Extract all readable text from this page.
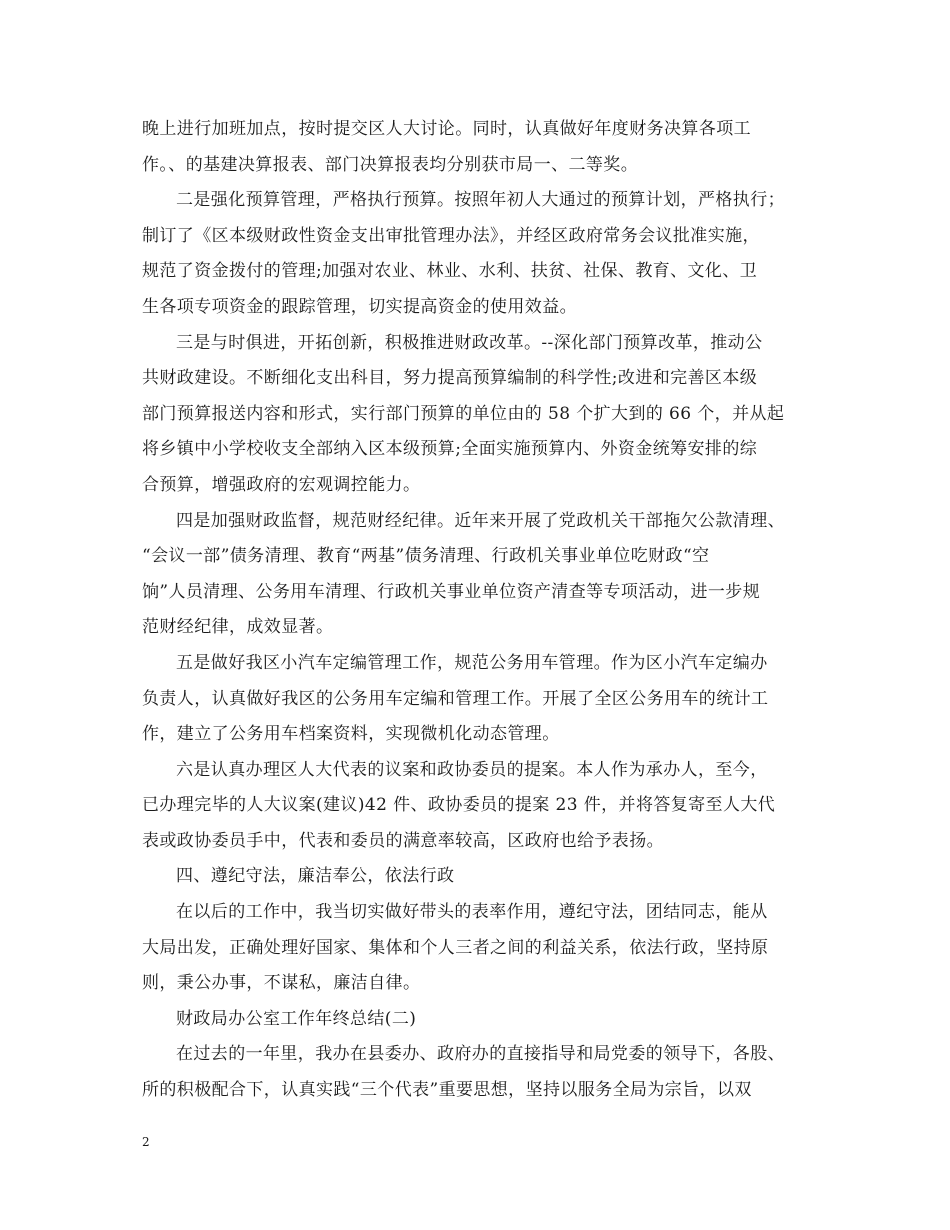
晚上进行加班加点，按时提交区人大讨论。同时，认真做好年度财务决算各项工
作。、的基建决算报表、部门决算报表均分别获市局一、二等奖。
二是强化预算管理，严格执行预算。按照年初人大通过的预算计划，严格执行；
制订了《区本级财政性资金支出审批管理办法》，并经区政府常务会议批准实施，
规范了资金拨付的管理;加强对农业、林业、水利、扶贫、社保、教育、文化、卫
生各项专项资金的跟踪管理，切实提高资金的使用效益。
三是与时俱进，开拓创新，积极推进财政改革。--深化部门预算改革，推动公
共财政建设。不断细化支出科目，努力提高预算编制的科学性;改进和完善区本级
部门预算报送内容和形式，实行部门预算的单位由的 58 个扩大到的 66 个，并从起
将乡镇中小学校收支全部纳入区本级预算;全面实施预算内、外资金统筹安排的综
合预算，增强政府的宏观调控能力。
四是加强财政监督，规范财经纪律。近年来开展了党政机关干部拖欠公款清理、
“会议一部”债务清理、教育“两基”债务清理、行政机关事业单位吃财政“空
饷”人员清理、公务用车清理、行政机关事业单位资产清查等专项活动，进一步规
范财经纪律，成效显著。
五是做好我区小汽车定编管理工作，规范公务用车管理。作为区小汽车定编办
负责人，认真做好我区的公务用车定编和管理工作。开展了全区公务用车的统计工
作，建立了公务用车档案资料，实现微机化动态管理。
六是认真办理区人大代表的议案和政协委员的提案。本人作为承办人，至今，
已办理完毕的人大议案(建议)42 件、政协委员的提案 23 件，并将答复寄至人大代
表或政协委员手中，代表和委员的满意率较高，区政府也给予表扬。
四、遵纪守法，廉洁奉公，依法行政
在以后的工作中，我当切实做好带头的表率作用，遵纪守法，团结同志，能从
大局出发，正确处理好国家、集体和个人三者之间的利益关系，依法行政，坚持原
则，秉公办事，不谋私，廉洁自律。
财政局办公室工作年终总结(二)
在过去的一年里，我办在县委办、政府办的直接指导和局党委的领导下，各股、
所的积极配合下，认真实践“三个代表”重要思想，坚持以服务全局为宗旨，以双
2
